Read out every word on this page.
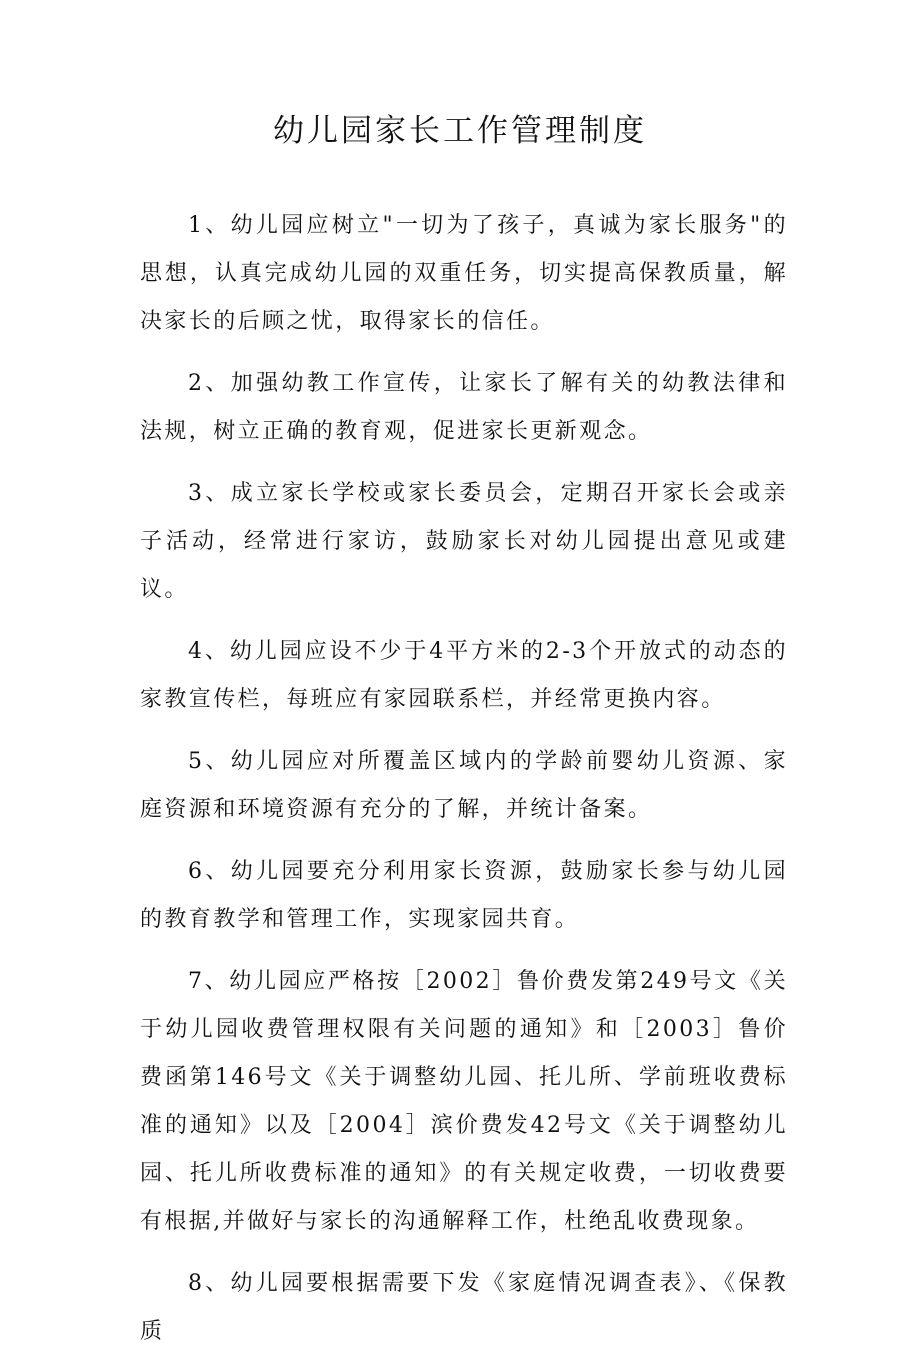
幼儿园家长工作管理制度

1、幼儿园应树立"一切为了孩子，真诚为家长服务"的思想，认真完成幼儿园的双重任务，切实提高保教质量，解决家长的后顾之忧，取得家长的信任。

2、加强幼教工作宣传，让家长了解有关的幼教法律和法规，树立正确的教育观，促进家长更新观念。

3、成立家长学校或家长委员会，定期召开家长会或亲子活动，经常进行家访，鼓励家长对幼儿园提出意见或建议。

4、幼儿园应设不少于4平方米的2-3个开放式的动态的家教宣传栏，每班应有家园联系栏，并经常更换内容。

5、幼儿园应对所覆盖区域内的学龄前婴幼儿资源、家庭资源和环境资源有充分的了解，并统计备案。

6、幼儿园要充分利用家长资源，鼓励家长参与幼儿园的教育教学和管理工作，实现家园共育。

7、幼儿园应严格按［2002］鲁价费发第249号文《关于幼儿园收费管理权限有关问题的通知》和［2003］鲁价费函第146号文《关于调整幼儿园、托儿所、学前班收费标准的通知》以及［2004］滨价费发42号文《关于调整幼儿园、托儿所收费标准的通知》的有关规定收费，一切收费要有根据,并做好与家长的沟通解释工作，杜绝乱收费现象。

8、幼儿园要根据需要下发《家庭情况调查表》、《保教质
